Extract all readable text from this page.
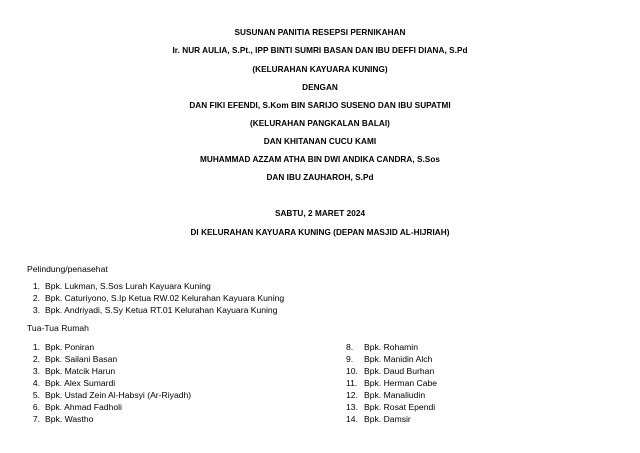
SUSUNAN PANITIA RESEPSI PERNIKAHAN
Ir. NUR AULIA, S.Pt., IPP BINTI SUMRI BASAN DAN IBU DEFFI DIANA, S.Pd
(KELURAHAN KAYUARA KUNING)
DENGAN
DAN FIKI EFENDI, S.Kom BIN SARIJO SUSENO DAN IBU SUPATMI
(KELURAHAN PANGKALAN BALAI)
DAN KHITANAN CUCU KAMI
MUHAMMAD AZZAM ATHA BIN DWI ANDIKA CANDRA, S.Sos
DAN IBU ZAUHAROH, S.Pd
SABTU, 2 MARET 2024
DI KELURAHAN KAYUARA KUNING (DEPAN MASJID AL-HIJRIAH)
Pelindung/penasehat
1. Bpk. Lukman, S.Sos Lurah Kayuara Kuning
2. Bpk. Caturiyono, S.Ip Ketua RW.02 Kelurahan Kayuara Kuning
3. Bpk. Andriyadi, S.Sy Ketua RT.01 Kelurahan Kayuara Kuning
Tua-Tua Rumah
1. Bpk. Poniran
2. Bpk. Sailani Basan
3. Bpk. Matcik Harun
4. Bpk. Alex Sumardi
5. Bpk. Ustad Zein Al-Habsyi (Ar-Riyadh)
6. Bpk. Ahmad Fadholi
7. Bpk. Wastho
8. Bpk. Rohamin
9. Bpk. Manidin Alch
10. Bpk. Daud Burhan
11. Bpk. Herman Cabe
12. Bpk. Manaliudin
13. Bpk. Rosat Ependi
14. Bpk. Damsir
